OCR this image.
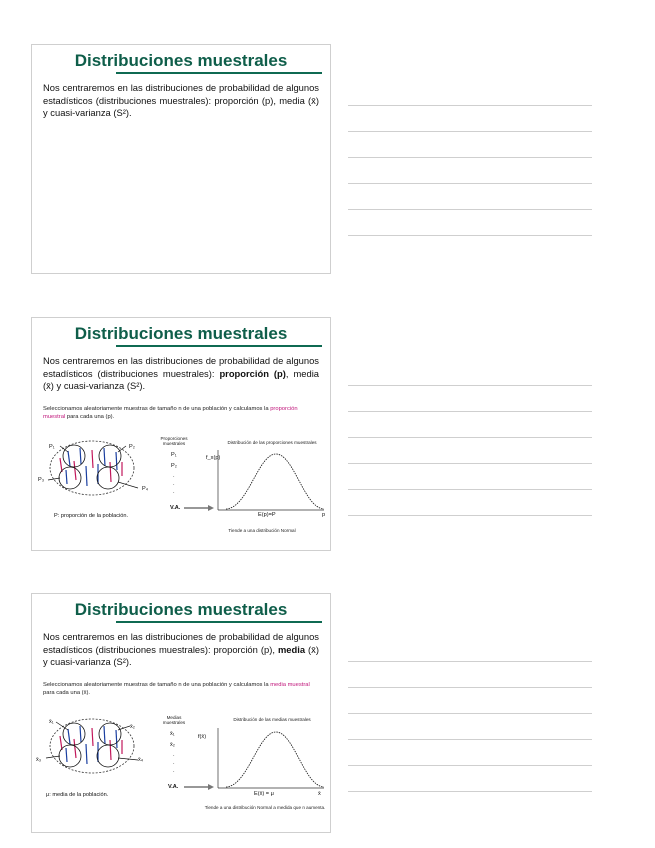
Distribuciones muestrales
Nos centraremos en las distribuciones de probabilidad de algunos estadísticos (distribuciones muestrales): proporción (p), media (x̄) y cuasi-varianza (S²).
Distribuciones muestrales
Nos centraremos en las distribuciones de probabilidad de algunos estadísticos (distribuciones muestrales): proporción (p), media (x̄) y cuasi-varianza (S²).
Seleccionamos aleatoriamente muestras de tamaño n de una población y calculamos la proporción muestral para cada una (p).
P₁	P₂
P₃
P₄
P: proporción de la población.
Proporciones muestrales
P₁
P₂
.
.
.
V.A.
Distribución de las proporciones muestrales
f_x(p)
E(p)=P	p
Tiende a una distribución Normal
Distribuciones muestrales
Nos centraremos en las distribuciones de probabilidad de algunos estadísticos (distribuciones muestrales): proporción (p), media (x̄) y cuasi-varianza (S²).
Seleccionamos aleatoriamente muestras de tamaño n de una población y calculamos la media muestral para cada una (x̄).
x̄₁
x̄₂
x̄₃	x̄₄
μ: media de la población.
Medias muestrales
x̄₁
x̄₂
.
.
.
V.A.
Distribución de las medias muestrales
f(x̄)
E(x̄) = μ	x̄
Tiende a una distribución Normal a medida que n aumenta.
